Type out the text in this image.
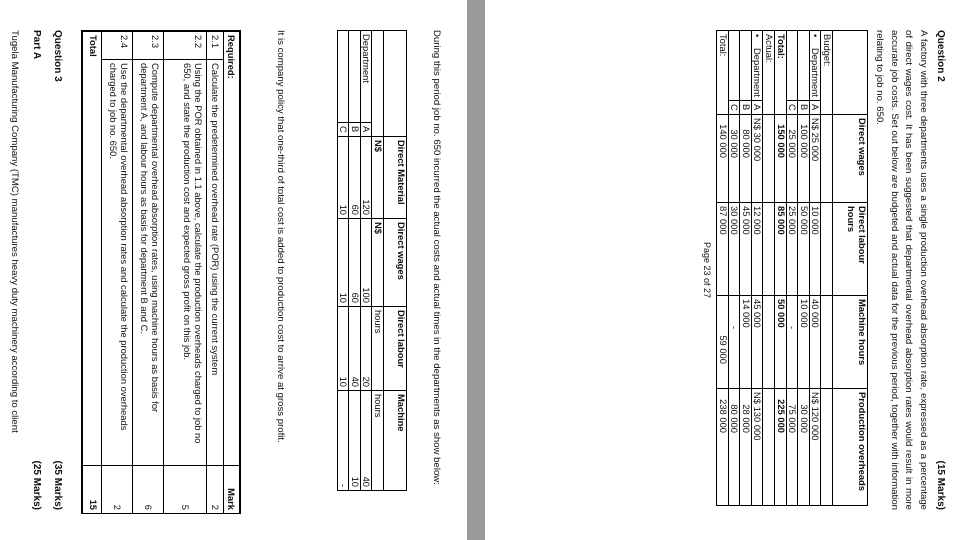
Question 2
(15 Marks)
A factory with three departments uses a single production overhead absorption rate, expressed as a percentage of direct wages cost. It has been suggested that departmental overhead absorption rates would result in more accurate job costs. Set out below are budgeted and actual data for the previous period, together with information relating to job no. 650.
		Direct wages	Direct labour hours	Machine hours	Production overheads
Budget:					
•Department	A	N$ 25 000	10 000	40 000	N$ 120 000
	B	100 000	50 000	10 000	30 000
	C	25 000	25 000	-	75 000
Total:		150 000	85 000	50 000	225 000
Actual:					
•Department	A	N$ 30 000	12 000	45 000	N$ 130 000
	B	80 000	45 000	14 000	28 000
	C	30 000	30 000	-	80 000
Total:		140 000	87 000	59 000	238 000
Page 23 of 27
During this period job no. 650 incurred the actual costs and actual times in the departments as show below:
		Direct Material	Direct wages	Direct labour	Machine
		N$	N$	hours	hours
Department	A	120	100	20	40
	B	60	60	40	10
	C	10	10	10	-
It is company policy that one-third of total cost is added to production cost to arrive at gross profit.
Required:		Mark
2.1	Calculate the predetermined overhead rate (POR) using the current system	2
2.2	Using the POR obtained in 1.1 above, calculate the production overheads charged to job no 650, and state the production cost and expected gross profit on this job.	5
2.3	Compute departmental overhead absorption rates, using machine hours as basis for department A, and labour hours as basis for department B and C.	6
2.4	Use the departmental overhead absorption rates and calculate the production overheads charged to job no. 650.	2
Total		15
Question 3
(35 Marks)
Part A
(25 Marks)
Tugela Manufacturing Company (TMC) manufactures heavy duty machinery according to client
